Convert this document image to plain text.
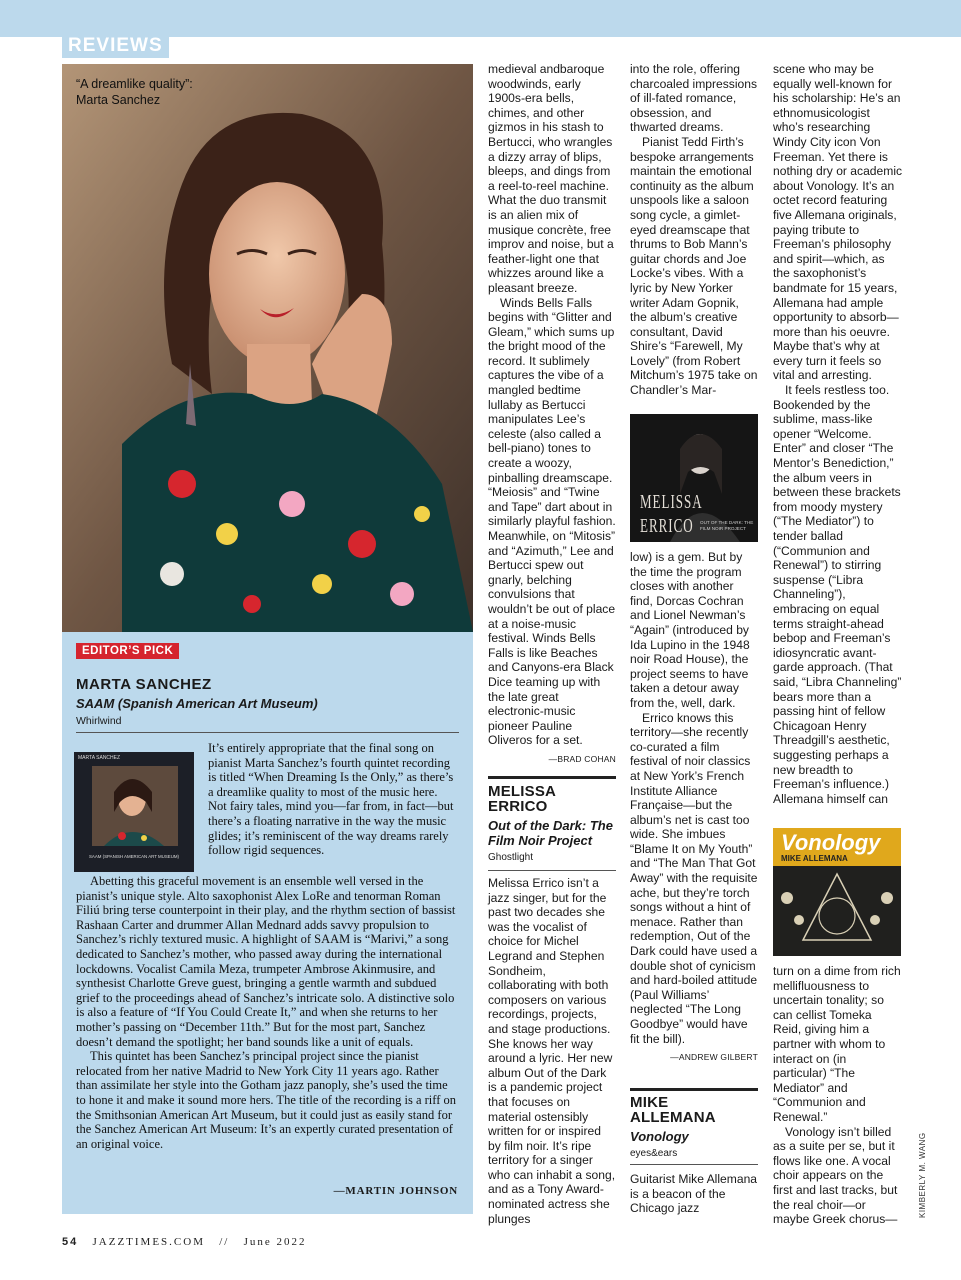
REVIEWS
“A dreamlike quality”:
Marta Sanchez
EDITOR’S PICK
MARTA SANCHEZ
SAAM (Spanish American Art Museum)
Whirlwind
MARTA SANCHEZ
SAAM (SPANISH AMERICAN ART MUSEUM)
It’s entirely appropriate that the final song on pianist Marta Sanchez’s fourth quintet recording is titled “When Dreaming Is the Only,” as there’s a dreamlike quality to most of the music here. Not fairy tales, mind you—far from, in fact—but there’s a floating narrative in the way the music glides; it’s reminiscent of the way dreams rarely follow rigid sequences.

Abetting this graceful movement is an ensemble well versed in the pianist’s unique style. Alto saxophonist Alex LoRe and tenorman Roman Filiú bring terse counterpoint in their play, and the rhythm section of bassist Rashaan Carter and drummer Allan Mednard adds savvy propulsion to Sanchez’s richly textured music. A highlight of SAAM is “Marivi,” a song dedicated to Sanchez’s mother, who passed away during the international lockdowns. Vocalist Camila Meza, trumpeter Ambrose Akinmusire, and synthesist Charlotte Greve guest, bringing a gentle warmth and subdued grief to the proceedings ahead of Sanchez’s intricate solo. A distinctive solo is also a feature of “If You Could Create It,” and when she returns to her mother’s passing on “December 11th.” But for the most part, Sanchez doesn’t demand the spotlight; her band sounds like a unit of equals.

This quintet has been Sanchez’s principal project since the pianist relocated from her native Madrid to New York City 11 years ago. Rather than assimilate her style into the Gotham jazz panoply, she’s used the time to hone it and make it sound more hers. The title of the recording is a riff on the Smithsonian American Art Museum, but it could just as easily stand for the Sanchez American Art Museum: It’s an expertly curated presentation of an original voice.

—MARTIN JOHNSON

medieval andbaroque woodwinds, early 1900s-era bells, chimes, and other gizmos in his stash to Bertucci, who wrangles a dizzy array of blips, bleeps, and dings from a reel-to-reel machine. What the duo transmit is an alien mix of musique concrète, free improv and noise, but a feather-light one that whizzes around like a pleasant breeze.

Winds Bells Falls begins with “Glitter and Gleam,” which sums up the bright mood of the record. It sublimely captures the vibe of a mangled bedtime lullaby as Bertucci manipulates Lee’s celeste (also called a bell-piano) tones to create a woozy, pinballing dreamscape. “Meiosis” and “Twine and Tape” dart about in similarly playful fashion. Meanwhile, on “Mitosis” and “Azimuth,” Lee and Bertucci spew out gnarly, belching convulsions that wouldn’t be out of place at a noise-music festival. Winds Bells Falls is like Beaches and Canyons-era Black Dice teaming up with the late great electronic-music pioneer Pauline Oliveros for a set.

—BRAD COHAN
MELISSA
ERRICO
Out of the Dark: The Film Noir Project
Ghostlight

Melissa Errico isn’t a jazz singer, but for the past two decades she was the vocalist of choice for Michel Legrand and Stephen Sondheim, collaborating with both composers on various recordings, projects, and stage productions. She knows her way around a lyric. Her new album Out of the Dark is a pandemic project that focuses on material ostensibly written for or inspired by film noir. It’s ripe territory for a singer who can inhabit a song, and as a Tony Award-nominated actress she plunges

into the role, offering charcoaled impressions of ill-fated romance, obsession, and thwarted dreams.

Pianist Tedd Firth’s bespoke arrangements maintain the emotional continuity as the album unspools like a saloon song cycle, a gimlet-eyed dreamscape that thrums to Bob Mann’s guitar chords and Joe Locke’s vibes. With a lyric by New Yorker writer Adam Gopnik, the album’s creative consultant, David Shire’s “Farewell, My Lovely” (from Robert Mitchum’s 1975 take on Chandler’s Mar-

MELISSA ERRICO	OUT OF THE DARK: THE FILM NOIR PROJECT

low) is a gem. But by the time the program closes with another find, Dorcas Cochran and Lionel Newman’s “Again” (introduced by Ida Lupino in the 1948 noir Road House), the project seems to have taken a detour away from the, well, dark.

Errico knows this territory—she recently co-curated a film festival of noir classics at New York’s French Institute Alliance Française—but the album’s net is cast too wide. She imbues “Blame It on My Youth” and “The Man That Got Away” with the requisite ache, but they’re torch songs without a hint of menace. Rather than redemption, Out of the Dark could have used a double shot of cynicism and hard-boiled attitude (Paul Williams’ neglected “The Long Goodbye” would have fit the bill).

—ANDREW GILBERT
MIKE
ALLEMANA
Vonology
eyes&ears

Guitarist Mike Allemana is a beacon of the Chicago jazz

scene who may be equally well-known for his scholarship: He’s an ethnomusicologist who’s researching Windy City icon Von Freeman. Yet there is nothing dry or academic about Vonology. It’s an octet record featuring five Allemana originals, paying tribute to Freeman’s philosophy and spirit—which, as the saxophonist’s bandmate for 15 years, Allemana had ample opportunity to absorb—more than his oeuvre. Maybe that’s why at every turn it feels so vital and arresting.

It feels restless too. Bookended by the sublime, mass-like opener “Welcome. Enter” and closer “The Mentor’s Benediction,” the album veers in between these brackets from moody mystery (“The Mediator”) to tender ballad (“Communion and Renewal”) to stirring suspense (“Libra Channeling”), embracing on equal terms straight-ahead bebop and Freeman’s idiosyncratic avant-garde approach. (That said, “Libra Channeling” bears more than a passing hint of fellow Chicagoan Henry Threadgill’s aesthetic, suggesting perhaps a new breadth to Freeman’s influence.) Allemana himself can

Vonology
MIKE ALLEMANA

turn on a dime from rich mellifluousness to uncertain tonality; so can cellist Tomeka Reid, giving him a partner with whom to interact on (in particular) “The Mediator” and “Communion and Renewal.”

Vonology isn’t billed as a suite per se, but it flows like one. A vocal choir appears on the first and last tracks, but the real choir—or maybe Greek chorus—

KIMBERLY M. WANG
54 JAZZTIMES.COM // June 2022
